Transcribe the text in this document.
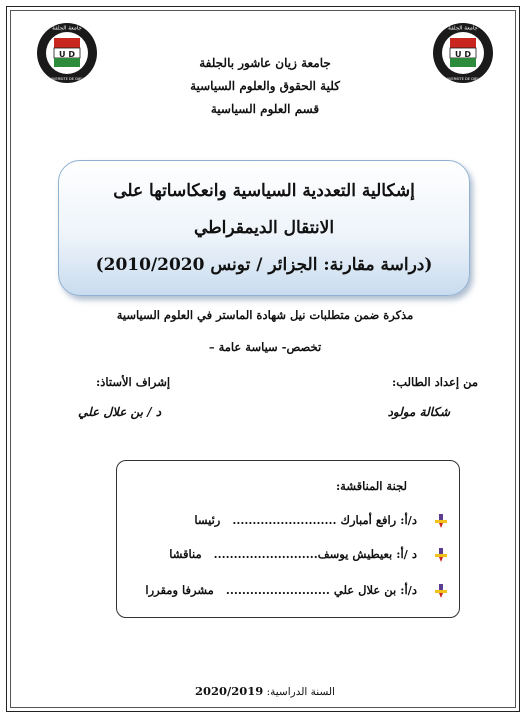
U D
جامعة الجلفة
UNIVERSITE DE DJELFA
U D
جامعة الجلفة
UNIVERSITE DE DJELFA
جامعة زيان عاشور بالجلفة
كلية الحقوق والعلوم السياسية
قسم العلوم السياسية
إشكالية التعددية السياسية وانعكاساتها على
الانتقال الديمقراطي
(دراسة مقارنة: الجزائر / تونس 2010/2020)
مذكرة ضمن متطلبات نيل شهادة الماستر في العلوم السياسية
تخصص- سياسة عامة –
من إعداد الطالب:
إشراف الأستاذ:
شكالة مولود
د / بن علال علي
لجنة المناقشة:
د/أ: رافع أمبارك .......................... رئيسا
د /أ: بعيطيش يوسف.......................... مناقشا
د/أ: بن علال علي .......................... مشرفا ومقررا
السنة الدراسية: 2020/2019
